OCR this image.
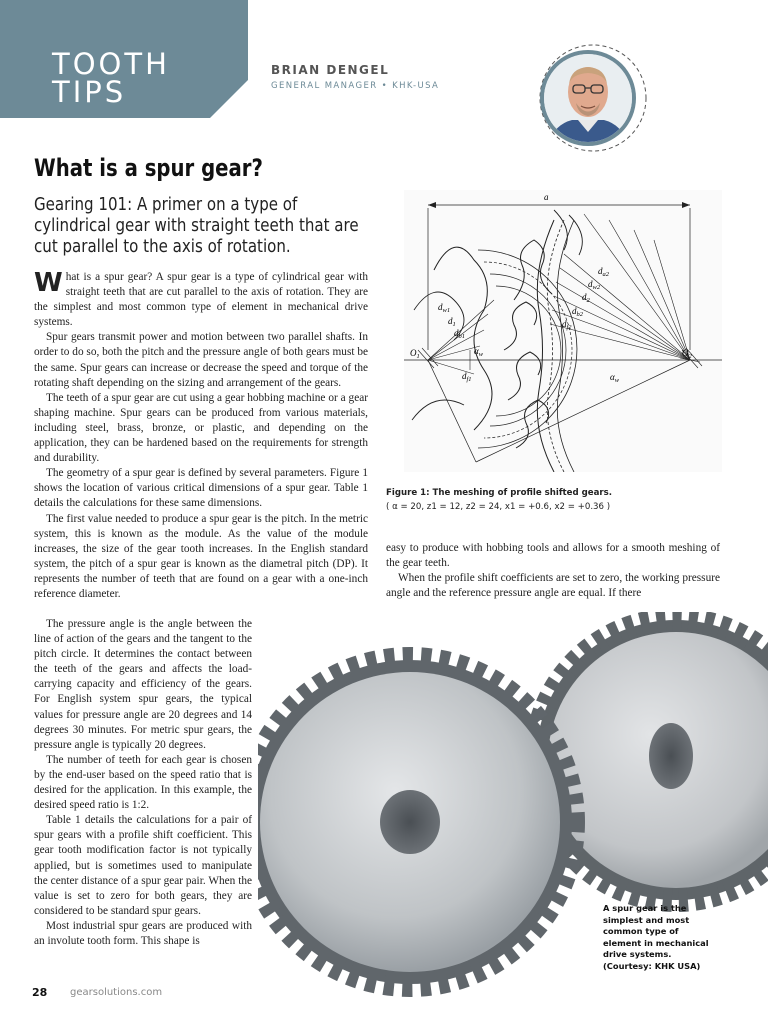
TOOTH
TIPS
BRIAN DENGEL
GENERAL MANAGER • KHK-USA
What is a spur gear?
Gearing 101: A primer on a type of cylindrical gear with straight teeth that are cut parallel to the axis of rotation.

What is a spur gear? A spur gear is a type of cylindrical gear with straight teeth that are cut parallel to the axis of rotation. They are the simplest and most common type of element in mechanical drive systems.

Spur gears transmit power and motion between two parallel shafts. In order to do so, both the pitch and the pressure angle of both gears must be the same. Spur gears can increase or decrease the speed and torque of the rotating shaft depending on the sizing and arrangement of the gears.

The teeth of a spur gear are cut using a gear hobbing machine or a gear shaping machine. Spur gears can be produced from various materials, including steel, brass, bronze, or plastic, and depending on the application, they can be hardened based on the requirements for strength and durability.

The geometry of a spur gear is defined by several parameters. Figure 1 shows the location of various critical dimensions of a spur gear. Table 1 details the calculations for these same dimensions.

The first value needed to produce a spur gear is the pitch. In the metric system, this is known as the module. As the value of the module increases, the size of the gear tooth increases. In the English standard system, the pitch of a spur gear is known as the diametral pitch (DP). It represents the number of teeth that are found on a gear with a one-inch reference diameter.

The pressure angle is the angle between the line of action of the gears and the tangent to the pitch circle. It determines the contact between the teeth of the gears and affects the load-carrying capacity and efficiency of the gears. For English system spur gears, the typical values for pressure angle are 20 degrees and 14 degrees 30 minutes. For metric spur gears, the pressure angle is typically 20 degrees.

The number of teeth for each gear is chosen by the end-user based on the speed ratio that is desired for the application. In this example, the desired speed ratio is 1:2.

Table 1 details the calculations for a pair of spur gears with a profile shift coefficient. This gear tooth modification factor is not typically applied, but is sometimes used to manipulate the center distance of a spur gear pair. When the value is set to zero for both gears, they are considered to be standard spur gears.

Most industrial spur gears are produced with an involute tooth form. This shape is

a
$d_{a2}$
$d_{w2}$
$d_2$
$d_{b2}$
$d_{f2}$
$d_{w1}$
$d_1$
$d_{b1}$
$d_{f1}$
$O_1$	$O_2$
$\alpha_w$
$\alpha_w$
Figure 1: The meshing of profile shifted gears.
( α = 20, z1 = 12, z2 = 24, x1 = +0.6, x2 = +0.36 )

easy to produce with hobbing tools and allows for a smooth meshing of the gear teeth.

When the profile shift coefficients are set to zero, the working pressure angle and the reference pressure angle are equal. If there

A spur gear is the simplest and most common type of element in mechanical drive systems. (Courtesy: KHK USA)
28 gearsolutions.com
